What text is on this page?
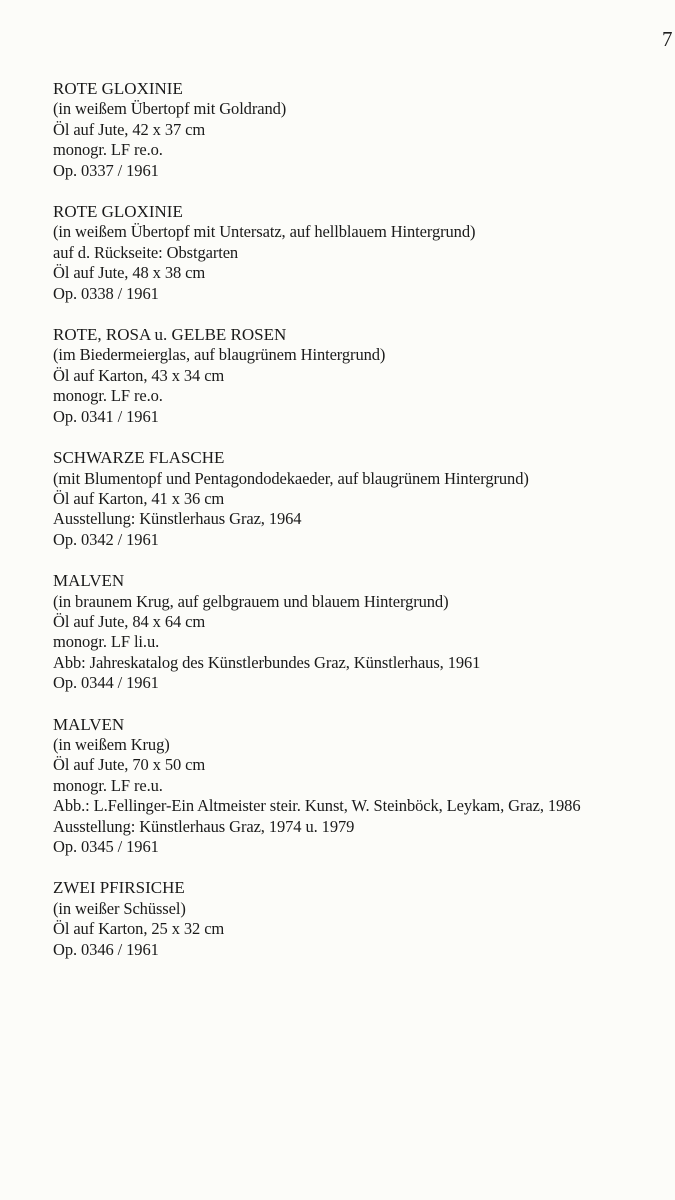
7
ROTE GLOXINIE
(in weißem Übertopf mit Goldrand)
Öl auf Jute, 42 x 37 cm
monogr. LF re.o.
Op. 0337 / 1961
ROTE GLOXINIE
(in weißem Übertopf mit Untersatz, auf hellblauem Hintergrund)
auf d. Rückseite: Obstgarten
Öl auf Jute, 48 x 38 cm
Op. 0338 / 1961
ROTE, ROSA u. GELBE ROSEN
(im Biedermeierglas, auf blaugrünem Hintergrund)
Öl auf Karton, 43 x 34 cm
monogr. LF re.o.
Op. 0341 / 1961
SCHWARZE FLASCHE
(mit Blumentopf und Pentagondodekaeder, auf blaugrünem Hintergrund)
Öl auf Karton, 41 x 36 cm
Ausstellung: Künstlerhaus Graz, 1964
Op. 0342 / 1961
MALVEN
(in braunem Krug, auf gelbgrauem und blauem Hintergrund)
Öl auf Jute, 84 x 64 cm
monogr. LF li.u.
Abb: Jahreskatalog des Künstlerbundes Graz, Künstlerhaus, 1961
Op. 0344 / 1961
MALVEN
(in weißem Krug)
Öl auf Jute, 70 x 50 cm
monogr. LF re.u.
Abb.: L.Fellinger-Ein Altmeister steir. Kunst, W. Steinböck, Leykam, Graz, 1986
Ausstellung: Künstlerhaus Graz, 1974 u. 1979
Op. 0345 / 1961
ZWEI PFIRSICHE
(in weißer Schüssel)
Öl auf Karton, 25 x 32 cm
Op. 0346 / 1961
